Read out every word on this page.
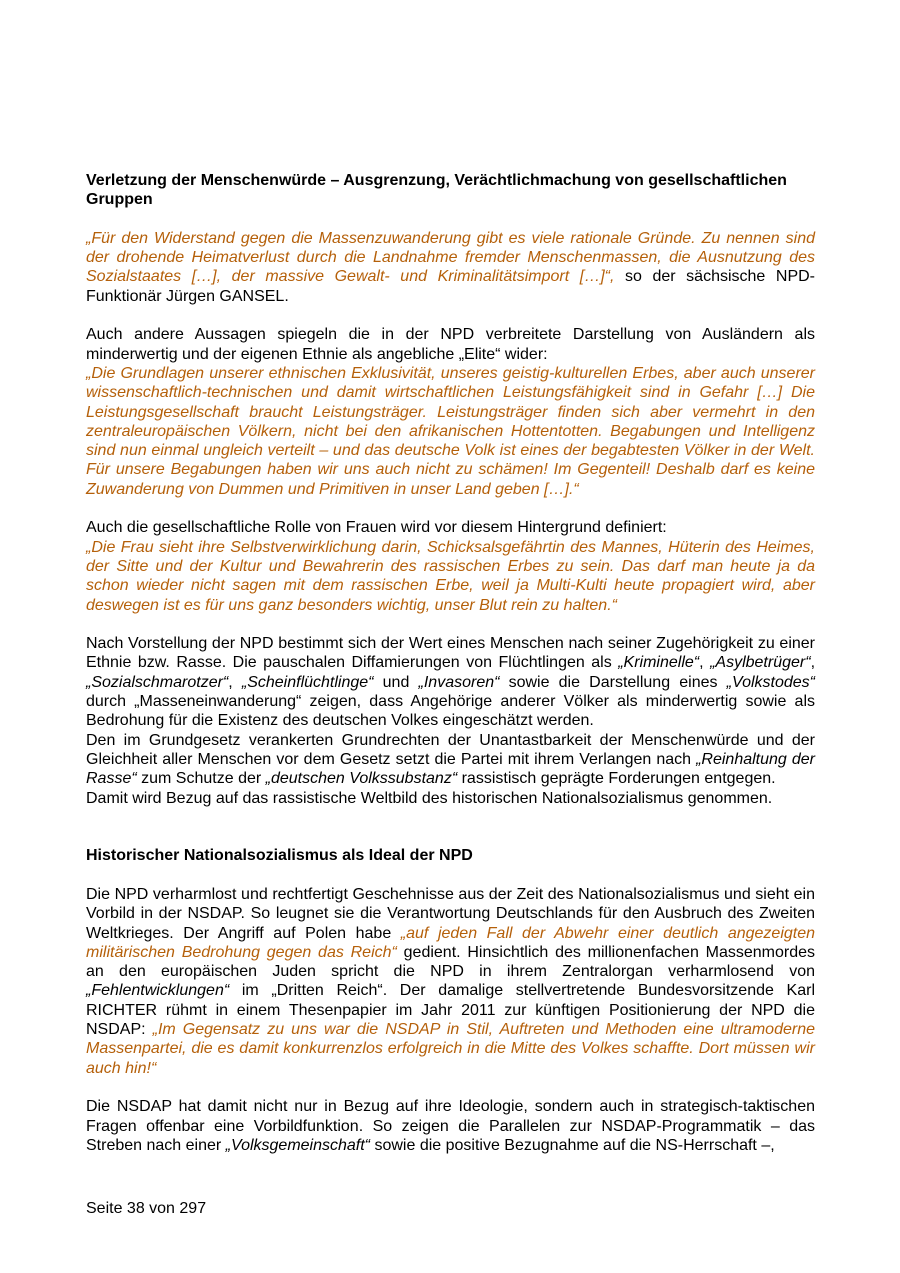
Verletzung der Menschenwürde – Ausgrenzung, Verächtlichmachung von gesellschaftlichen Gruppen

„Für den Widerstand gegen die Massenzuwanderung gibt es viele rationale Gründe. Zu nennen sind der drohende Heimatverlust durch die Landnahme fremder Menschenmassen, die Ausnutzung des Sozialstaates […], der massive Gewalt- und Kriminalitätsimport […]“, so der sächsische NPD-Funktionär Jürgen GANSEL.

Auch andere Aussagen spiegeln die in der NPD verbreitete Darstellung von Ausländern als minderwertig und der eigenen Ethnie als angebliche „Elite“ wider:

„Die Grundlagen unserer ethnischen Exklusivität, unseres geistig-kulturellen Erbes, aber auch unserer wissenschaftlich-technischen und damit wirtschaftlichen Leistungsfähigkeit sind in Gefahr […] Die Leistungsgesellschaft braucht Leistungsträger. Leistungsträger finden sich aber vermehrt in den zentraleuropäischen Völkern, nicht bei den afrikanischen Hottentotten. Begabungen und Intelligenz sind nun einmal ungleich verteilt – und das deutsche Volk ist eines der begabtesten Völker in der Welt. Für unsere Begabungen haben wir uns auch nicht zu schämen! Im Gegenteil! Deshalb darf es keine Zuwanderung von Dummen und Primitiven in unser Land geben […].“

Auch die gesellschaftliche Rolle von Frauen wird vor diesem Hintergrund definiert:

„Die Frau sieht ihre Selbstverwirklichung darin, Schicksalsgefährtin des Mannes, Hüterin des Heimes, der Sitte und der Kultur und Bewahrerin des rassischen Erbes zu sein. Das darf man heute ja da schon wieder nicht sagen mit dem rassischen Erbe, weil ja Multi-Kulti heute propagiert wird, aber deswegen ist es für uns ganz besonders wichtig, unser Blut rein zu halten.“

Nach Vorstellung der NPD bestimmt sich der Wert eines Menschen nach seiner Zugehörigkeit zu einer Ethnie bzw. Rasse. Die pauschalen Diffamierungen von Flüchtlingen als „Kriminelle“, „Asylbetrüger“, „Sozialschmarotzer“, „Scheinflüchtlinge“ und „Invasoren“ sowie die Darstellung eines „Volkstodes“ durch „Masseneinwanderung“ zeigen, dass Angehörige anderer Völker als minderwertig sowie als Bedrohung für die Existenz des deutschen Volkes eingeschätzt werden.

Den im Grundgesetz verankerten Grundrechten der Unantastbarkeit der Menschenwürde und der Gleichheit aller Menschen vor dem Gesetz setzt die Partei mit ihrem Verlangen nach „Reinhaltung der Rasse“ zum Schutze der „deutschen Volkssubstanz“ rassistisch geprägte Forderungen entgegen.

Damit wird Bezug auf das rassistische Weltbild des historischen Nationalsozialismus genommen.

Historischer Nationalsozialismus als Ideal der NPD

Die NPD verharmlost und rechtfertigt Geschehnisse aus der Zeit des Nationalsozialismus und sieht ein Vorbild in der NSDAP. So leugnet sie die Verantwortung Deutschlands für den Ausbruch des Zweiten Weltkrieges. Der Angriff auf Polen habe „auf jeden Fall der Abwehr einer deutlich angezeigten militärischen Bedrohung gegen das Reich“ gedient. Hinsichtlich des millionenfachen Massenmordes an den europäischen Juden spricht die NPD in ihrem Zentralorgan verharmlosend von „Fehlentwicklungen“ im „Dritten Reich“. Der damalige stellvertretende Bundesvorsitzende Karl RICHTER rühmt in einem Thesenpapier im Jahr 2011 zur künftigen Positionierung der NPD die NSDAP: „Im Gegensatz zu uns war die NSDAP in Stil, Auftreten und Methoden eine ultramoderne Massenpartei, die es damit konkurrenzlos erfolgreich in die Mitte des Volkes schaffte. Dort müssen wir auch hin!“

Die NSDAP hat damit nicht nur in Bezug auf ihre Ideologie, sondern auch in strategisch-taktischen Fragen offenbar eine Vorbildfunktion. So zeigen die Parallelen zur NSDAP-Programmatik – das Streben nach einer „Volksgemeinschaft“ sowie die positive Bezugnahme auf die NS-Herrschaft –,

Seite 38 von 297
